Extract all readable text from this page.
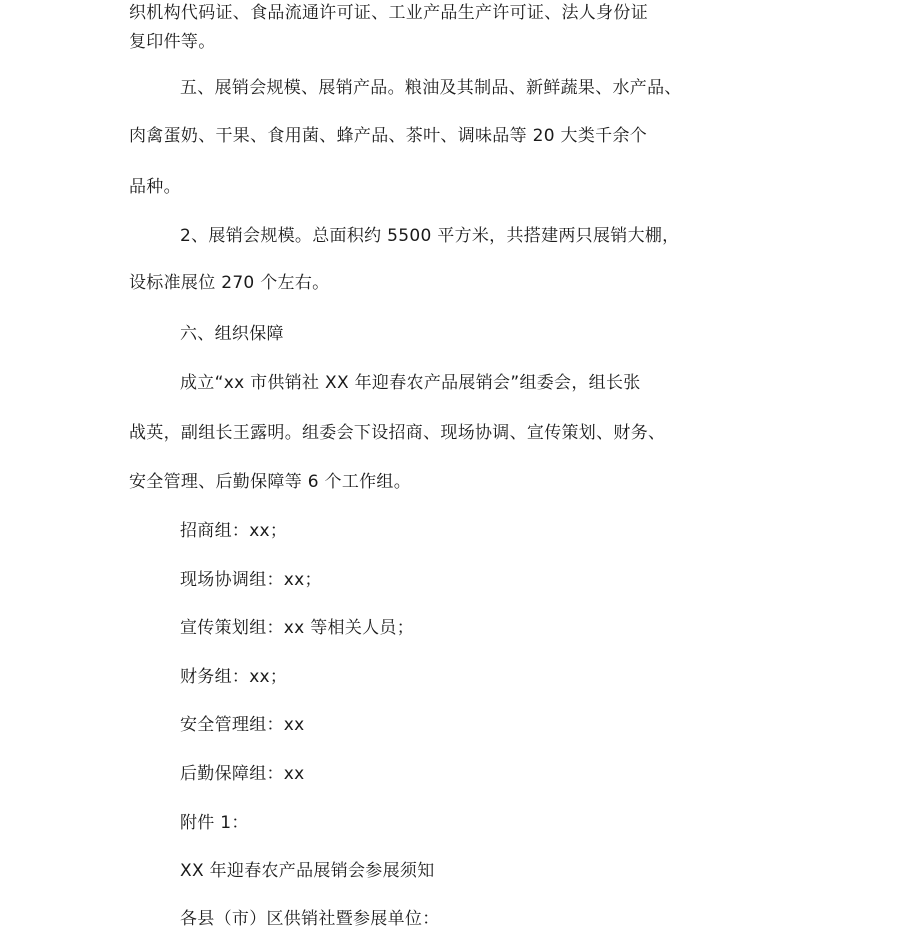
织机构代码证、食品流通许可证、工业产品生产许可证、法人身份证

复印件等。

五、展销会规模、展销产品。粮油及其制品、新鲜蔬果、水产品、

肉禽蛋奶、干果、食用菌、蜂产品、茶叶、调味品等 20 大类千余个

品种。

2、展销会规模。总面积约 5500 平方米，共搭建两只展销大棚，

设标准展位 270 个左右。

六、组织保障

成立“xx 市供销社 XX 年迎春农产品展销会”组委会，组长张

战英，副组长王露明。组委会下设招商、现场协调、宣传策划、财务、

安全管理、后勤保障等 6 个工作组。

招商组：xx；

现场协调组：xx；

宣传策划组：xx 等相关人员；

财务组：xx；

安全管理组：xx

后勤保障组：xx

附件 1：

XX 年迎春农产品展销会参展须知

各县（市）区供销社暨参展单位：
